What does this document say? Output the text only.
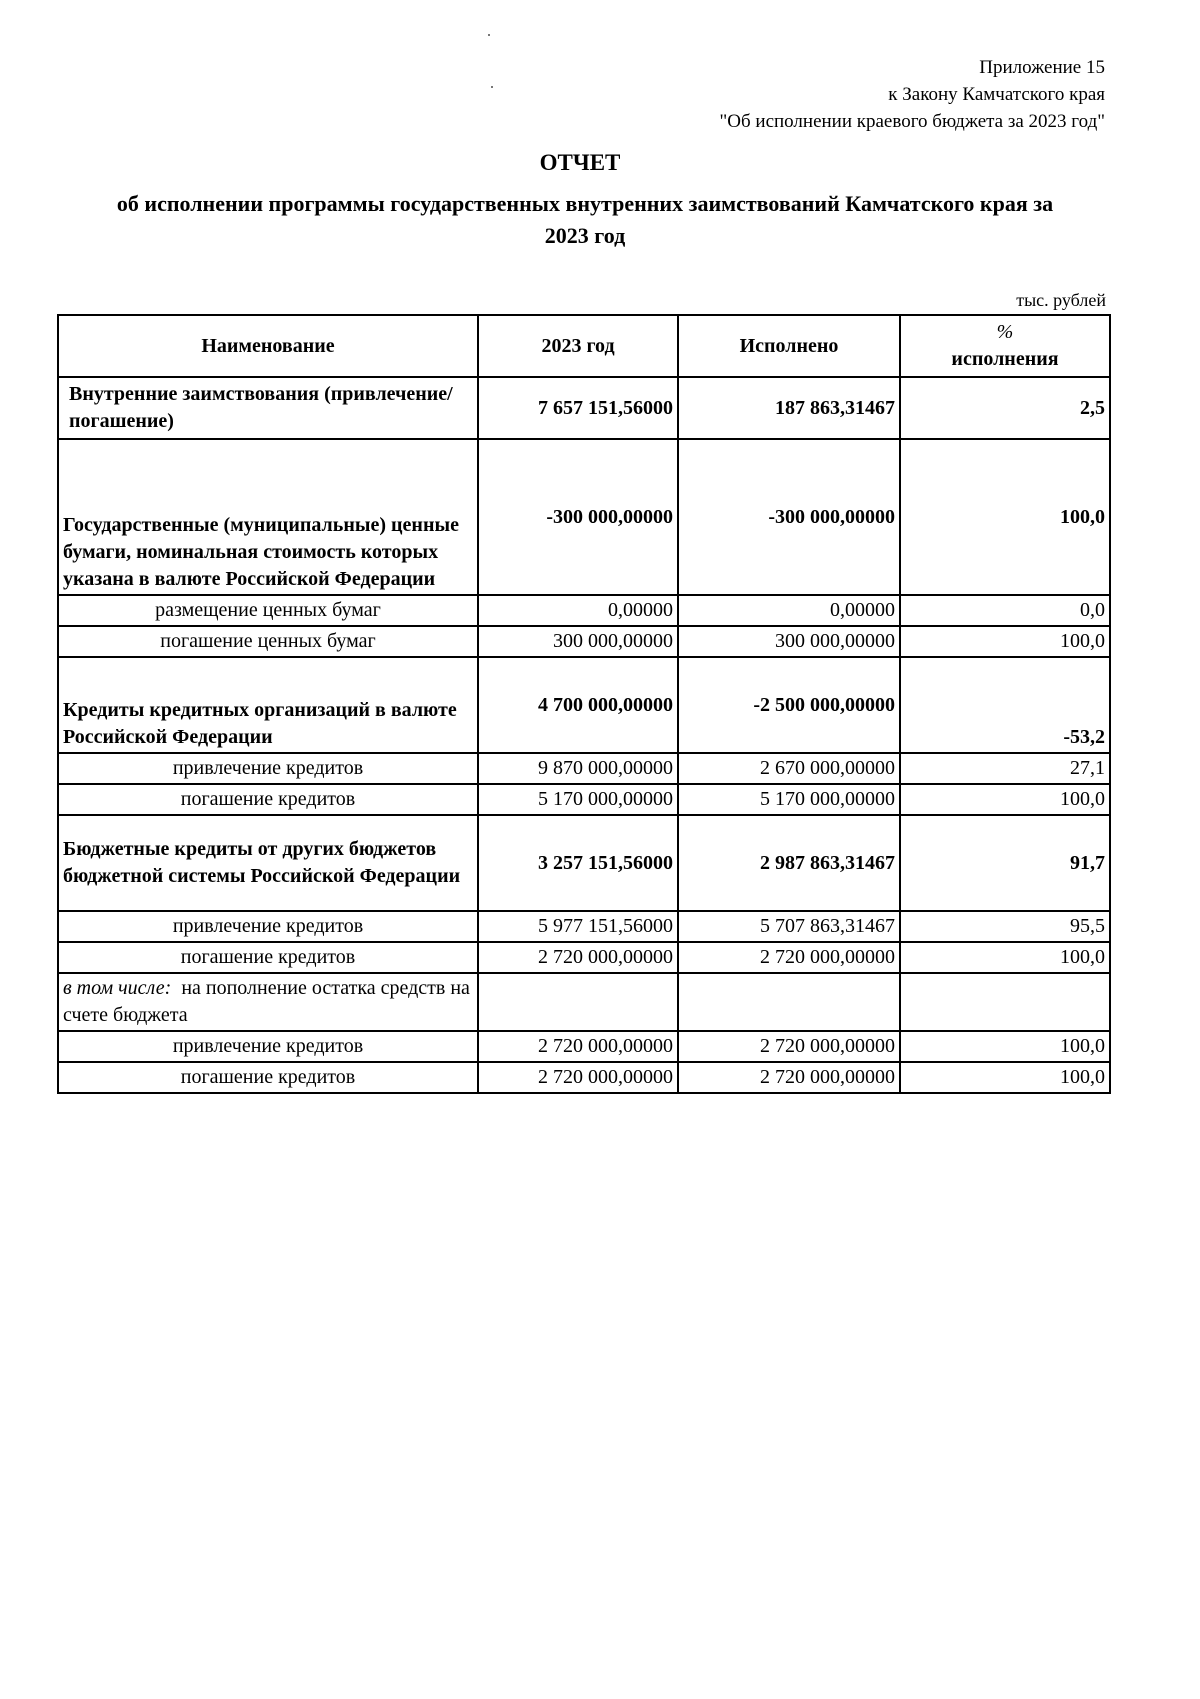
Приложение 15
к Закону Камчатского края
"Об исполнении краевого бюджета за 2023 год"
ОТЧЕТ
об исполнении программы государственных внутренних заимствований Камчатского края за
2023 год
тыс. рублей
Наименование	2023 год	Исполнено	%
исполнения

Внутренние заимствования (привлечение/погашение)	7 657 151,56000	187 863,31467	2,5
Государственные (муниципальные) ценные бумаги, номинальная стоимость которых указана в валюте Российской Федерации	-300 000,00000	-300 000,00000	100,0
размещение ценных бумаг	0,00000	0,00000	0,0
погашение ценных бумаг	300 000,00000	300 000,00000	100,0
Кредиты кредитных организаций в валюте Российской Федерации	4 700 000,00000	-2 500 000,00000	-53,2
привлечение кредитов	9 870 000,00000	2 670 000,00000	27,1
погашение кредитов	5 170 000,00000	5 170 000,00000	100,0
Бюджетные кредиты от других бюджетов бюджетной системы Российской Федерации	3 257 151,56000	2 987 863,31467	91,7
привлечение кредитов	5 977 151,56000	5 707 863,31467	95,5
погашение кредитов	2 720 000,00000	2 720 000,00000	100,0
в том числе: на пополнение остатка средств на счете бюджета			
привлечение кредитов	2 720 000,00000	2 720 000,00000	100,0
погашение кредитов	2 720 000,00000	2 720 000,00000	100,0
